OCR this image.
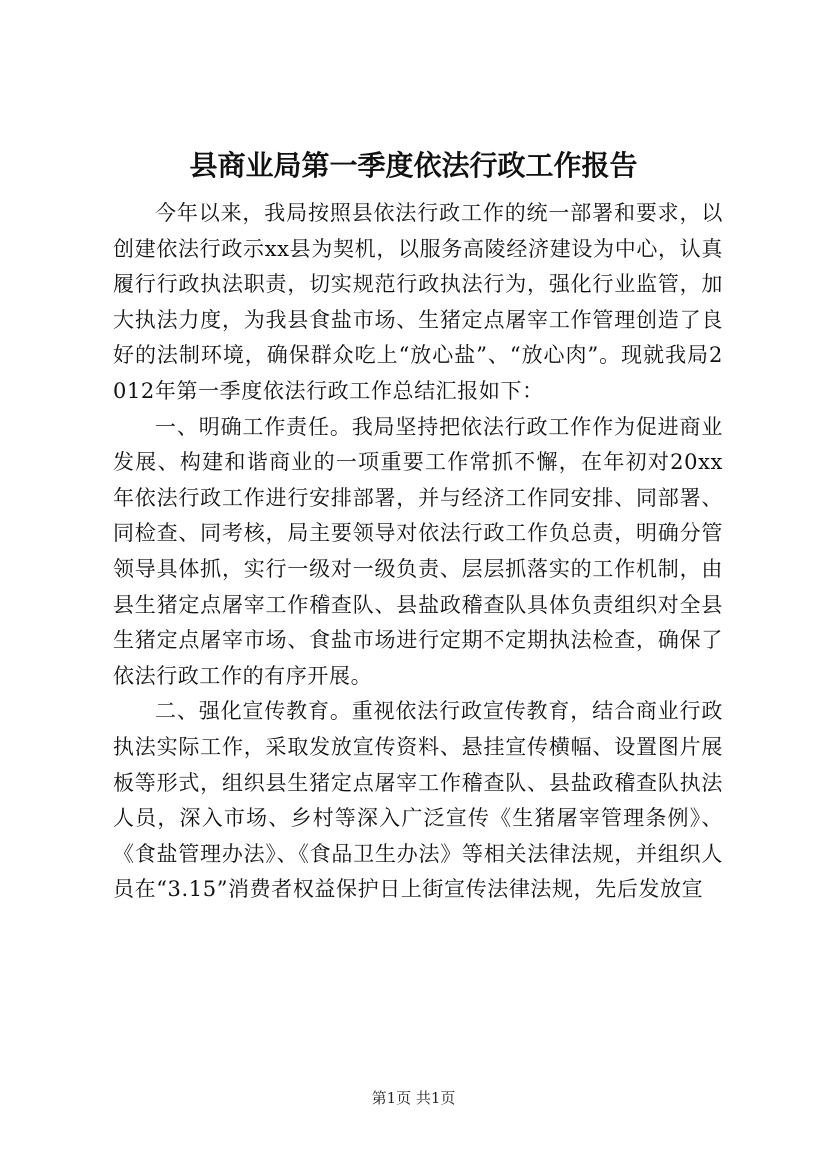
县商业局第一季度依法行政工作报告

今年以来，我局按照县依法行政工作的统一部署和要求，以创建依法行政示xx县为契机，以服务高陵经济建设为中心，认真履行行政执法职责，切实规范行政执法行为，强化行业监管，加大执法力度，为我县食盐市场、生猪定点屠宰工作管理创造了良好的法制环境，确保群众吃上“放心盐”、“放心肉”。现就我局2012年第一季度依法行政工作总结汇报如下：

一、明确工作责任。我局坚持把依法行政工作作为促进商业发展、构建和谐商业的一项重要工作常抓不懈，在年初对20xx年依法行政工作进行安排部署，并与经济工作同安排、同部署、同检查、同考核，局主要领导对依法行政工作负总责，明确分管领导具体抓，实行一级对一级负责、层层抓落实的工作机制，由县生猪定点屠宰工作稽查队、县盐政稽查队具体负责组织对全县生猪定点屠宰市场、食盐市场进行定期不定期执法检查，确保了依法行政工作的有序开展。

二、强化宣传教育。重视依法行政宣传教育，结合商业行政执法实际工作，采取发放宣传资料、悬挂宣传横幅、设置图片展板等形式，组织县生猪定点屠宰工作稽查队、县盐政稽查队执法人员，深入市场、乡村等深入广泛宣传《生猪屠宰管理条例》、《食盐管理办法》、《食品卫生办法》等相关法律法规，并组织人员在“3.15”消费者权益保护日上街宣传法律法规，先后发放宣

第1页 共1页
